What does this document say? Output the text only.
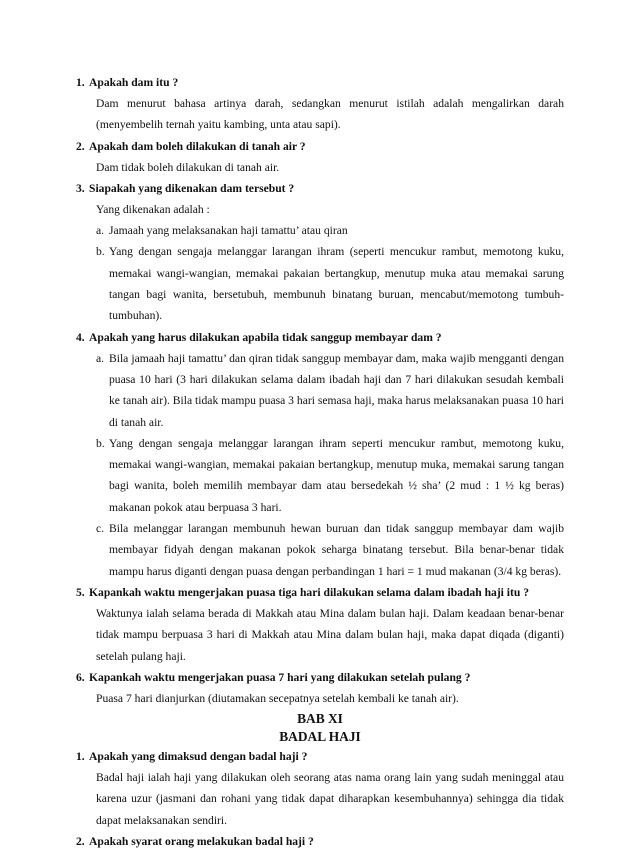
1. Apakah dam itu ?
Dam menurut bahasa artinya darah, sedangkan menurut istilah adalah mengalirkan darah (menyembelih ternah yaitu kambing, unta atau sapi).
2. Apakah dam boleh dilakukan di tanah air ?
Dam tidak boleh dilakukan di tanah air.
3. Siapakah yang dikenakan dam tersebut ?
Yang dikenakan adalah :
a. Jamaah yang melaksanakan haji tamattu’ atau qiran
b. Yang dengan sengaja melanggar larangan ihram (seperti mencukur rambut, memotong kuku, memakai wangi-wangian, memakai pakaian bertangkup, menutup muka atau memakai sarung tangan bagi wanita, bersetubuh, membunuh binatang buruan, mencabut/memotong tumbuh-tumbuhan).
4. Apakah yang harus dilakukan apabila tidak sanggup membayar dam ?
a. Bila jamaah haji tamattu’ dan qiran tidak sanggup membayar dam, maka wajib mengganti dengan puasa 10 hari (3 hari dilakukan selama dalam ibadah haji dan 7 hari dilakukan sesudah kembali ke tanah air). Bila tidak mampu puasa 3 hari semasa haji, maka harus melaksanakan puasa 10 hari di tanah air.
b. Yang dengan sengaja melanggar larangan ihram seperti mencukur rambut, memotong kuku, memakai wangi-wangian, memakai pakaian bertangkup, menutup muka, memakai sarung tangan bagi wanita, boleh memilih membayar dam atau bersedekah ½ sha’ (2 mud : 1 ½ kg beras) makanan pokok atau berpuasa 3 hari.
c. Bila melanggar larangan membunuh hewan buruan dan tidak sanggup membayar dam wajib membayar fidyah dengan makanan pokok seharga binatang tersebut. Bila benar-benar tidak mampu harus diganti dengan puasa dengan perbandingan 1 hari = 1 mud makanan (3/4 kg beras).
5. Kapankah waktu mengerjakan puasa tiga hari dilakukan selama dalam ibadah haji itu ?
Waktunya ialah selama berada di Makkah atau Mina dalam bulan haji. Dalam keadaan benar-benar tidak mampu berpuasa 3 hari di Makkah atau Mina dalam bulan haji, maka dapat diqada (diganti) setelah pulang haji.
6. Kapankah waktu mengerjakan puasa 7 hari yang dilakukan setelah pulang ?
Puasa 7 hari dianjurkan (diutamakan secepatnya setelah kembali ke tanah air).
BAB XI
BADAL HAJI
1. Apakah yang dimaksud dengan badal haji ?
Badal haji ialah haji yang dilakukan oleh seorang atas nama orang lain yang sudah meninggal atau karena uzur (jasmani dan rohani yang tidak dapat diharapkan kesembuhannya) sehingga dia tidak dapat melaksanakan sendiri.
2. Apakah syarat orang melakukan badal haji ?
